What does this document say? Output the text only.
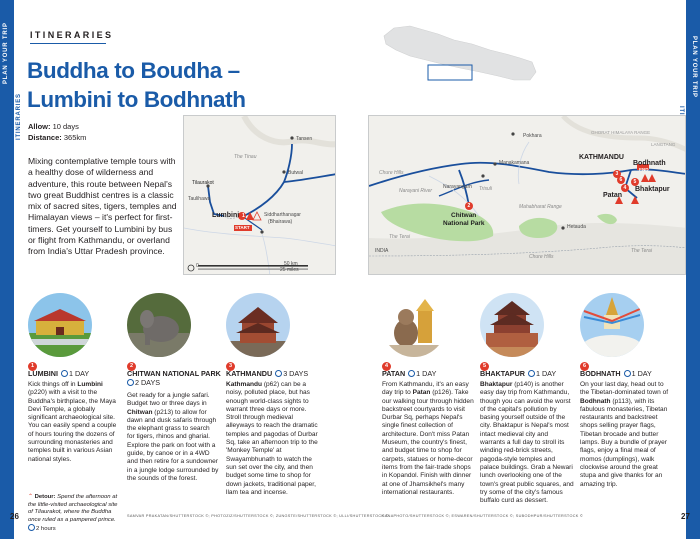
PLAN YOUR TRIP
ITINERARIES
PLAN YOUR TRIP
ITINERARIES
Buddha to Boudha – Lumbini to Bodhnath
Allow: 10 days
Distance: 365km
Mixing contemplative temple tours with a healthy dose of wilderness and adventure, this route between Nepal's two great Buddhist centres is a classic mix of sacred sites, tigers, temples and Himalayan views – it's perfect for first-timers. Get yourself to Lumbini by bus or flight from Kathmandu, or overland from India's Uttar Pradesh province.
Tansen
Butwal
The Tinau
Tilaurakot
Taulihawa
Lumbini
START
Siddharthanagar
(Bhairawa)
1
0	50 km
25 miles
Pokhara
Manakamana
Trisuli
Narayangarh
Narayani River
Chitwan
National Park	Hetauda
KATHMANDU
Bodhnath
END
Patan
Bhaktapur
INDIA
Chure Hills
The Terai
GHORAT HIMALAYA RANGE
LANGTANG
Mahabharat Range
Chure Hills
The Terai
2
3
4
5
6
1
LUMBINI 1 DAY
Kick things off in Lumbini (p220) with a visit to the Buddha's birthplace, the Maya Devi Temple, a globally significant archaeological site. You can easily spend a couple of hours touring the dozens of surrounding monasteries and temples built in various Asian national styles.
⌃ Detour: Spend the afternoon at the little-visited archaeological site of Tilaurakot, where the Buddha once ruled as a pampered prince. 2 hours
2
CHITWAN NATIONAL PARK
2 DAYS
Get ready for a jungle safari. Budget two or three days in Chitwan (p213) to allow for dawn and dusk safaris through the elephant grass to search for tigers, rhinos and gharial. Explore the park on foot with a guide, by canoe or in a 4WD and then retire for a sundowner in a jungle lodge surrounded by the sounds of the forest.
3
KATHMANDU 3 DAYS
Kathmandu (p62) can be a noisy, polluted place, but has enough world-class sights to warrant three days or more. Stroll through medieval alleyways to reach the dramatic temples and pagodas of Durbar Sq, take an afternoon trip to the 'Monkey Temple' at Swayambhunath to watch the sun set over the city, and then budget some time to shop for down jackets, traditional paper, llam tea and incense.
4
PATAN 1 DAY
From Kathmandu, it's an easy day trip to Patan (p126). Take our walking tour through hidden backstreet courtyards to visit Durbar Sq, perhaps Nepal's single finest collection of architecture. Don't miss Patan Museum, the country's finest, and budget time to shop for carpets, statues or home-decor items from the fair-trade shops in Kopandol. Finish with dinner at one of Jhamsikhel's many international restaurants.
5
BHAKTAPUR 1 DAY
Bhaktapur (p140) is another easy day trip from Kathmandu, though you can avoid the worst of the capital's pollution by basing yourself outside of the city. Bhaktapur is Nepal's most intact medieval city and warrants a full day to stroll its winding red-brick streets, pagoda-style temples and palace buildings. Grab a Newari lunch overlooking one of the town's great public squares, and try some of the city's famous buffalo curd as dessert.
6
BODHNATH 1 DAY
On your last day, head out to the Tibetan-dominated town of Bodhnath (p113), with its fabulous monasteries, Tibetan restaurants and backstreet shops selling prayer flags, Tibetan brocade and butter lamps. Buy a bundle of prayer flags, enjoy a final meal of momos (dumplings), walk clockwise around the great stupa and give thanks for an amazing trip.
26	27
SAMVAR PRAKATAN/SHUTTERSTOCK ©; PHOTOZIZ/SHUTTERSTOCK ©; ZUNGSTE/SHUTTERSTOCK ©; ULLI/SHUTTERSTOCK ©
SANAPHOTO/SHUTTERSTOCK ©; ESWAREN/SHUTTERSTOCK ©; SUBODHPUR/SHUTTERSTOCK ©
